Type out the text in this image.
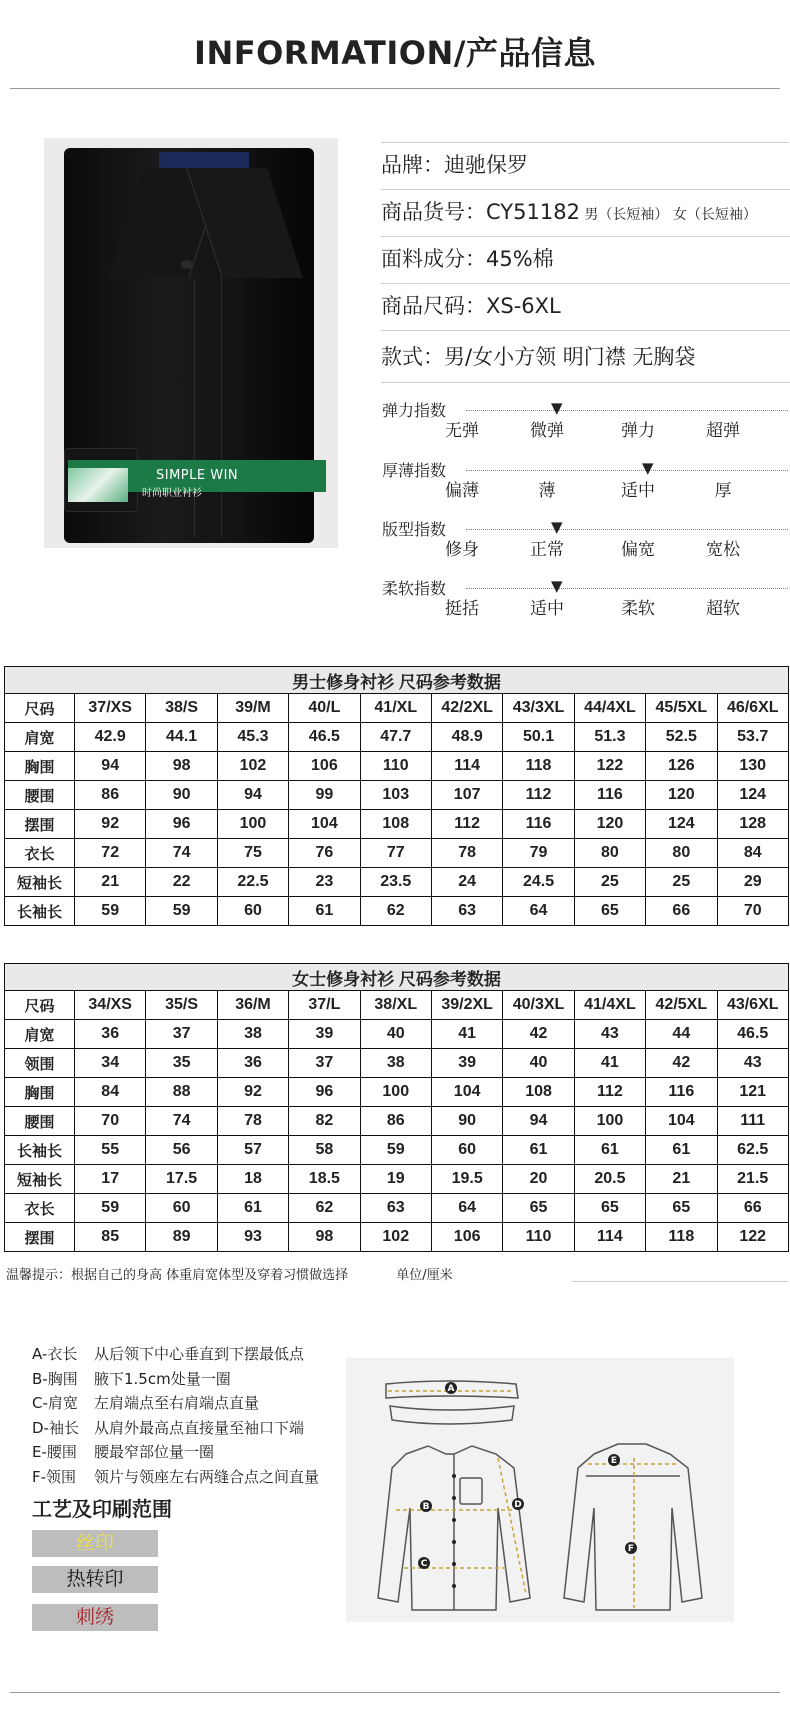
INFORMATION/产品信息
SIMPLE WIN
时尚职业衬衫
品牌：迪驰保罗
商品货号：CY51182 男（长短袖） 女（长短袖）
面料成分：45%棉
商品尺码：XS-6XL
款式：男/女小方领 明门襟 无胸袋
弹力指数
无弹	微弹	弹力	超弹
▼
厚薄指数
偏薄	薄	适中	厚
▼
版型指数
修身	正常	偏宽	宽松
▼
柔软指数
挺括	适中	柔软	超软
▼
男士修身衬衫 尺码参考数据										
尺码	37/XS	38/S	39/M	40/L	41/XL	42/2XL	43/3XL	44/4XL	45/5XL	46/6XL
肩宽	42.9	44.1	45.3	46.5	47.7	48.9	50.1	51.3	52.5	53.7
胸围	94	98	102	106	110	114	118	122	126	130
腰围	86	90	94	99	103	107	112	116	120	124
摆围	92	96	100	104	108	112	116	120	124	128
衣长	72	74	75	76	77	78	79	80	80	84
短袖长	21	22	22.5	23	23.5	24	24.5	25	25	29
长袖长	59	59	60	61	62	63	64	65	66	70
女士修身衬衫 尺码参考数据										
尺码	34/XS	35/S	36/M	37/L	38/XL	39/2XL	40/3XL	41/4XL	42/5XL	43/6XL
肩宽	36	37	38	39	40	41	42	43	44	46.5
领围	34	35	36	37	38	39	40	41	42	43
胸围	84	88	92	96	100	104	108	112	116	121
腰围	70	74	78	82	86	90	94	100	104	111
长袖长	55	56	57	58	59	60	61	61	61	62.5
短袖长	17	17.5	18	18.5	19	19.5	20	20.5	21	21.5
衣长	59	60	61	62	63	64	65	65	65	66
摆围	85	89	93	98	102	106	110	114	118	122
温馨提示：根据自己的身高 体重肩宽体型及穿着习惯做选择	单位/厘米
A-衣长 从后领下中心垂直到下摆最低点
B-胸围 腋下1.5cm处量一圈
C-肩宽 左肩端点至右肩端点直量
D-袖长 从肩外最高点直接量至袖口下端
E-腰围 腰最窄部位量一圈
F-领围 领片与领座左右两缝合点之间直量
工艺及印刷范围
丝印
热转印
刺绣
A
B
C
D
E
F
